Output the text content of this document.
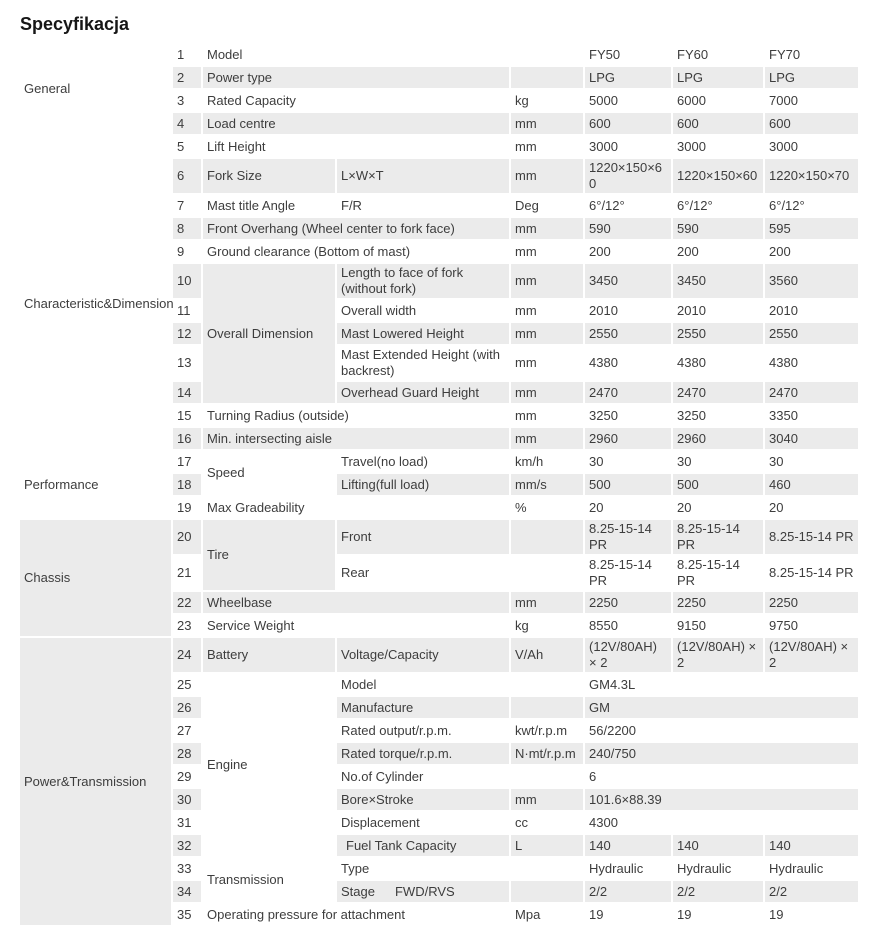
Specyfikacja
General	1	Model			FY50	FY60	FY70
	2	Power type			LPG	LPG	LPG
	3	Rated Capacity		kg	5000	6000	7000
	4	Load centre		mm	600	600	600
	5	Lift Height		mm	3000	3000	3000
Characteristic&Dimension	6	Fork Size	L×W×T	mm	1220×150×60	1220×150×60	1220×150×70
	7	Mast title Angle	F/R	Deg	6°/12°	6°/12°	6°/12°
	8	Front Overhang (Wheel center to fork face)		mm	590	590	595
	9	Ground clearance (Bottom of mast)		mm	200	200	200
	10	Overall Dimension	Length to face of fork (without fork)	mm	3450	3450	3560
	11		Overall width	mm	2010	2010	2010
	12		Mast Lowered Height	mm	2550	2550	2550
	13		Mast Extended Height (with backrest)	mm	4380	4380	4380
	14		Overhead Guard Height	mm	2470	2470	2470
	15	Turning Radius (outside)		mm	3250	3250	3350
	16	Min. intersecting aisle		mm	2960	2960	3040
Performance	17	Speed	Travel(no load)	km/h	30	30	30
	18		Lifting(full load)	mm/s	500	500	460
	19	Max Gradeability		%	20	20	20
Chassis	20	Tire	Front		8.25-15-14 PR	8.25-15-14 PR	8.25-15-14 PR
	21		Rear		8.25-15-14 PR	8.25-15-14 PR	8.25-15-14 PR
	22	Wheelbase		mm	2250	2250	2250
	23	Service Weight		kg	8550	9150	9750
Power&Transmission	24	Battery	Voltage/Capacity	V/Ah	(12V/80AH) × 2	(12V/80AH) × 2	(12V/80AH) × 2
	25	Engine	Model		GM4.3L		
	26		Manufacture		GM		
	27		Rated output/r.p.m.	kwt/r.p.m	56/2200		
	28		Rated torque/r.p.m.	N·mt/r.p.m	240/750		
	29		No.of Cylinder		6		
	30		Bore×Stroke	mm	101.6×88.39		
	31		Displacement	cc	4300		
	32		Fuel Tank Capacity	L	140	140	140
	33	Transmission	Type		Hydraulic	Hydraulic	Hydraulic
	34		Stage FWD/RVS		2/2	2/2	2/2
	35	Operating pressure for attachment		Mpa	19	19	19
